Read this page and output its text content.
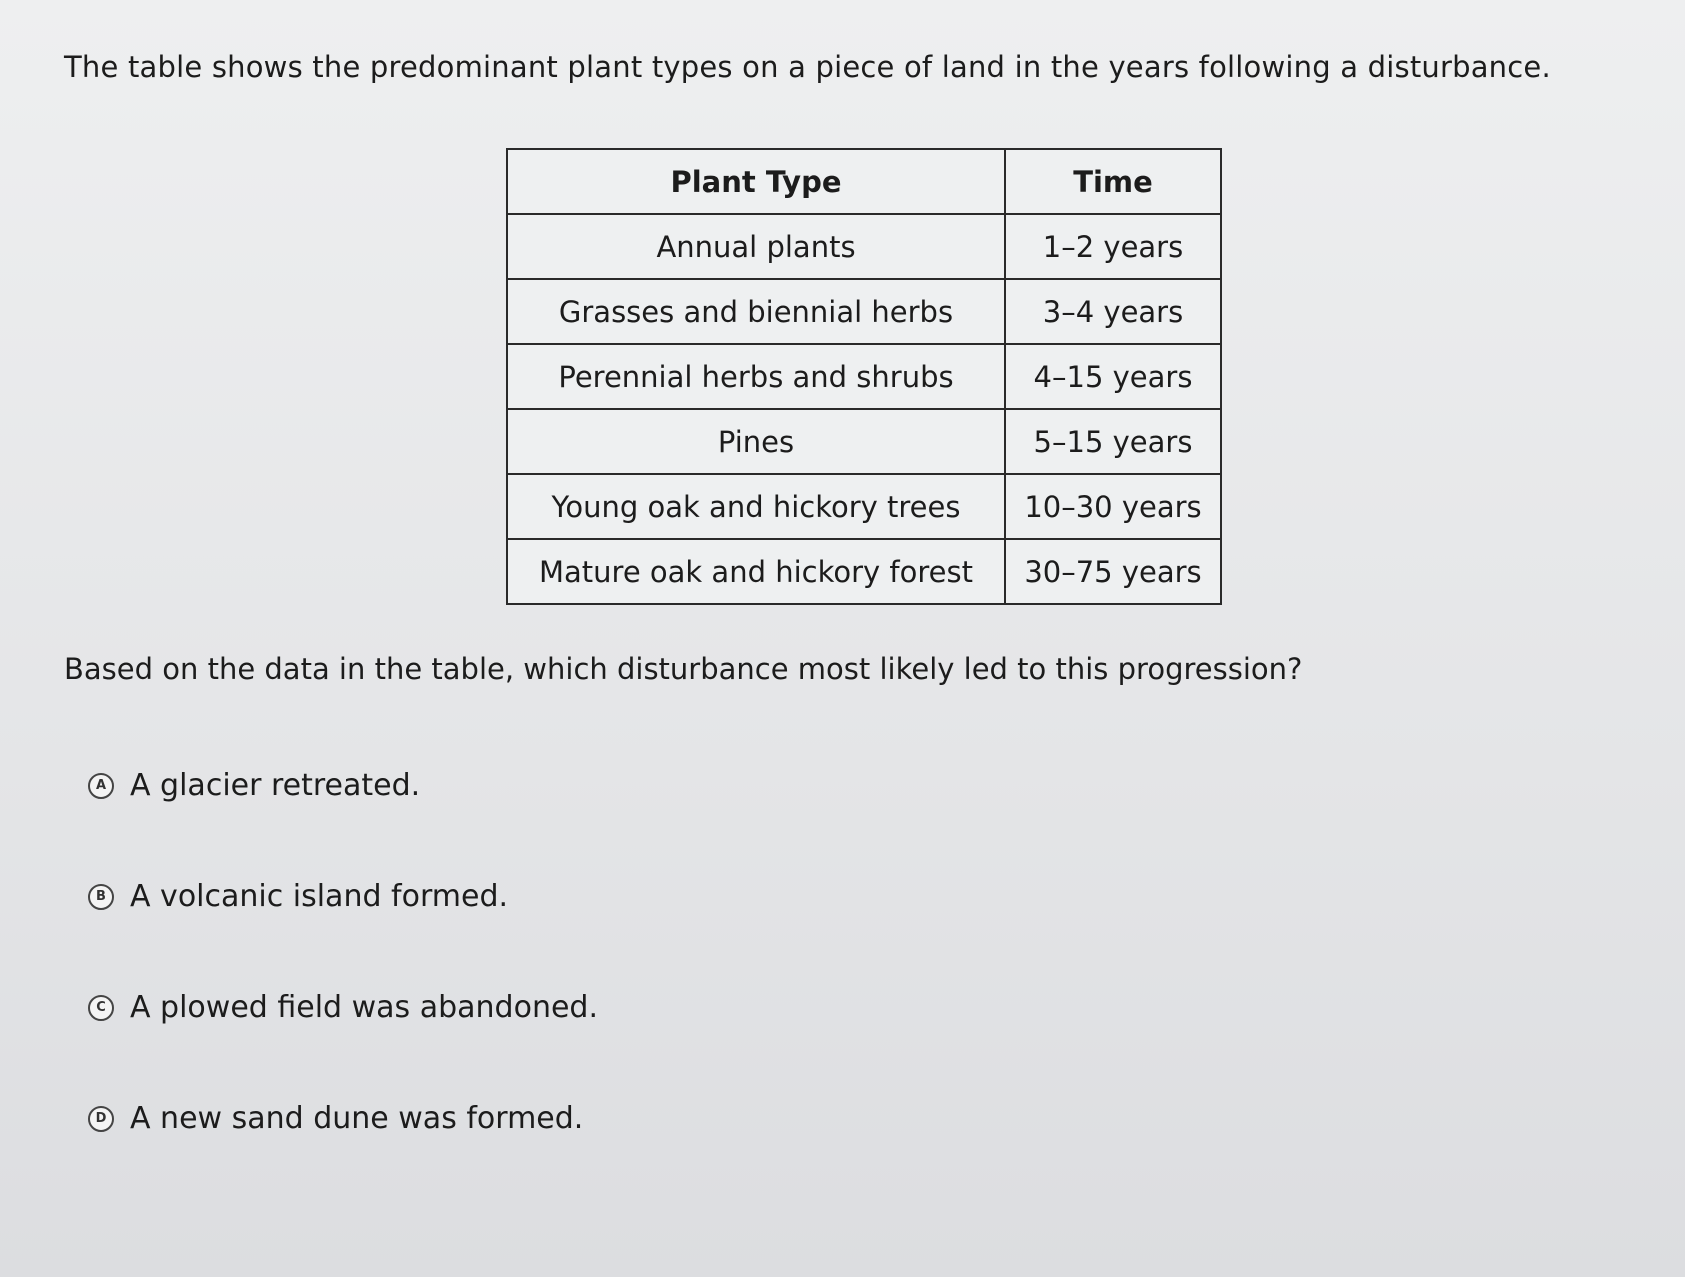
The table shows the predominant plant types on a piece of land in the years following a disturbance.
Plant Type	Time
Annual plants	1–2 years
Grasses and biennial herbs	3–4 years
Perennial herbs and shrubs	4–15 years
Pines	5–15 years
Young oak and hickory trees	10–30 years
Mature oak and hickory forest	30–75 years
Based on the data in the table, which disturbance most likely led to this progression?
A A glacier retreated.
B A volcanic island formed.
C A plowed field was abandoned.
D A new sand dune was formed.
